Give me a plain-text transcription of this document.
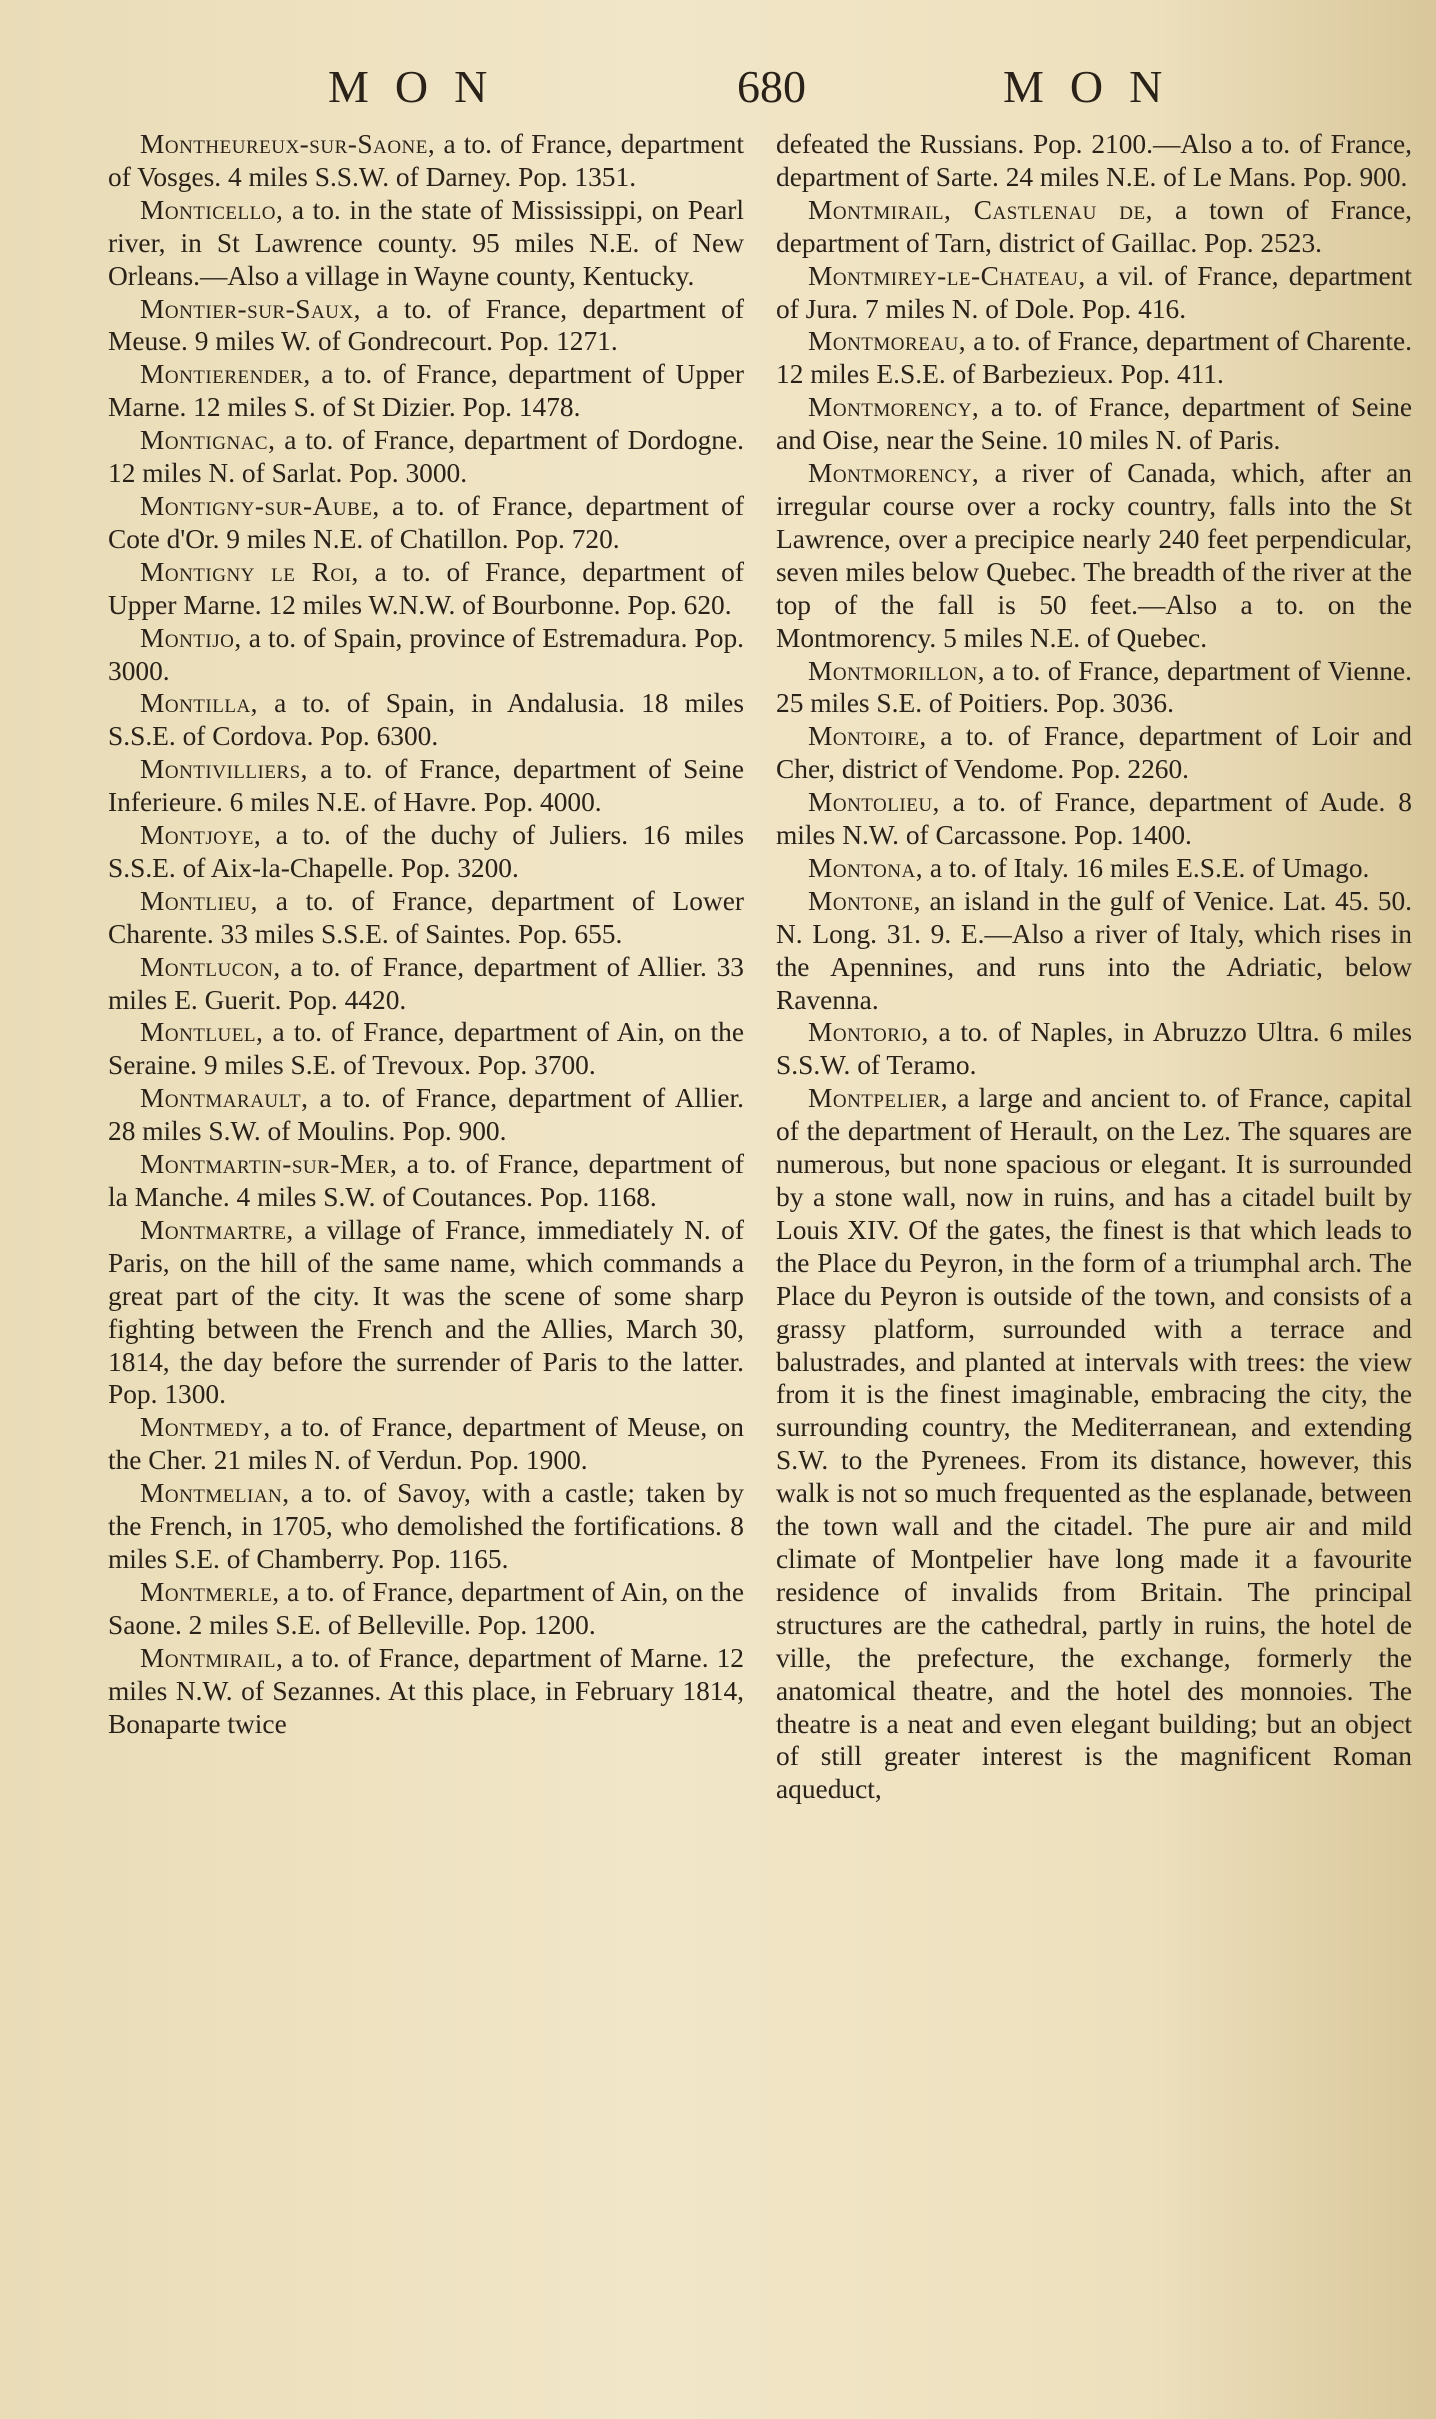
MON	680	MON

Montheureux-sur-Saone, a to. of France, department of Vosges. 4 miles S.S.W. of Darney. Pop. 1351.

Monticello, a to. in the state of Mississippi, on Pearl river, in St Lawrence county. 95 miles N.E. of New Orleans.—Also a village in Wayne county, Kentucky.

Montier-sur-Saux, a to. of France, department of Meuse. 9 miles W. of Gondrecourt. Pop. 1271.

Montierender, a to. of France, department of Upper Marne. 12 miles S. of St Dizier. Pop. 1478.

Montignac, a to. of France, department of Dordogne. 12 miles N. of Sarlat. Pop. 3000.

Montigny-sur-Aube, a to. of France, department of Cote d'Or. 9 miles N.E. of Chatillon. Pop. 720.

Montigny le Roi, a to. of France, department of Upper Marne. 12 miles W.N.W. of Bourbonne. Pop. 620.

Montijo, a to. of Spain, province of Estremadura. Pop. 3000.

Montilla, a to. of Spain, in Andalusia. 18 miles S.S.E. of Cordova. Pop. 6300.

Montivilliers, a to. of France, department of Seine Inferieure. 6 miles N.E. of Havre. Pop. 4000.

Montjoye, a to. of the duchy of Juliers. 16 miles S.S.E. of Aix-la-Chapelle. Pop. 3200.

Montlieu, a to. of France, department of Lower Charente. 33 miles S.S.E. of Saintes. Pop. 655.

Montlucon, a to. of France, department of Allier. 33 miles E. Guerit. Pop. 4420.

Montluel, a to. of France, department of Ain, on the Seraine. 9 miles S.E. of Trevoux. Pop. 3700.

Montmarault, a to. of France, department of Allier. 28 miles S.W. of Moulins. Pop. 900.

Montmartin-sur-Mer, a to. of France, department of la Manche. 4 miles S.W. of Coutances. Pop. 1168.

Montmartre, a village of France, immediately N. of Paris, on the hill of the same name, which commands a great part of the city. It was the scene of some sharp fighting between the French and the Allies, March 30, 1814, the day before the surrender of Paris to the latter. Pop. 1300.

Montmedy, a to. of France, department of Meuse, on the Cher. 21 miles N. of Verdun. Pop. 1900.

Montmelian, a to. of Savoy, with a castle; taken by the French, in 1705, who demolished the fortifications. 8 miles S.E. of Chamberry. Pop. 1165.

Montmerle, a to. of France, department of Ain, on the Saone. 2 miles S.E. of Belleville. Pop. 1200.

Montmirail, a to. of France, department of Marne. 12 miles N.W. of Sezannes. At this place, in February 1814, Bonaparte twice

defeated the Russians. Pop. 2100.—Also a to. of France, department of Sarte. 24 miles N.E. of Le Mans. Pop. 900.

Montmirail, Castlenau de, a town of France, department of Tarn, district of Gaillac. Pop. 2523.

Montmirey-le-Chateau, a vil. of France, department of Jura. 7 miles N. of Dole. Pop. 416.

Montmoreau, a to. of France, department of Charente. 12 miles E.S.E. of Barbezieux. Pop. 411.

Montmorency, a to. of France, department of Seine and Oise, near the Seine. 10 miles N. of Paris.

Montmorency, a river of Canada, which, after an irregular course over a rocky country, falls into the St Lawrence, over a precipice nearly 240 feet perpendicular, seven miles below Quebec. The breadth of the river at the top of the fall is 50 feet.—Also a to. on the Montmorency. 5 miles N.E. of Quebec.

Montmorillon, a to. of France, department of Vienne. 25 miles S.E. of Poitiers. Pop. 3036.

Montoire, a to. of France, department of Loir and Cher, district of Vendome. Pop. 2260.

Montolieu, a to. of France, department of Aude. 8 miles N.W. of Carcassone. Pop. 1400.

Montona, a to. of Italy. 16 miles E.S.E. of Umago.

Montone, an island in the gulf of Venice. Lat. 45. 50. N. Long. 31. 9. E.—Also a river of Italy, which rises in the Apennines, and runs into the Adriatic, below Ravenna.

Montorio, a to. of Naples, in Abruzzo Ultra. 6 miles S.S.W. of Teramo.

Montpelier, a large and ancient to. of France, capital of the department of Herault, on the Lez. The squares are numerous, but none spacious or elegant. It is surrounded by a stone wall, now in ruins, and has a citadel built by Louis XIV. Of the gates, the finest is that which leads to the Place du Peyron, in the form of a triumphal arch. The Place du Peyron is outside of the town, and consists of a grassy platform, surrounded with a terrace and balustrades, and planted at intervals with trees: the view from it is the finest imaginable, embracing the city, the surrounding country, the Mediterranean, and extending S.W. to the Pyrenees. From its distance, however, this walk is not so much frequented as the esplanade, between the town wall and the citadel. The pure air and mild climate of Montpelier have long made it a favourite residence of invalids from Britain. The principal structures are the cathedral, partly in ruins, the hotel de ville, the prefecture, the exchange, formerly the anatomical theatre, and the hotel des monnoies. The theatre is a neat and even elegant building; but an object of still greater interest is the magnificent Roman aqueduct,
